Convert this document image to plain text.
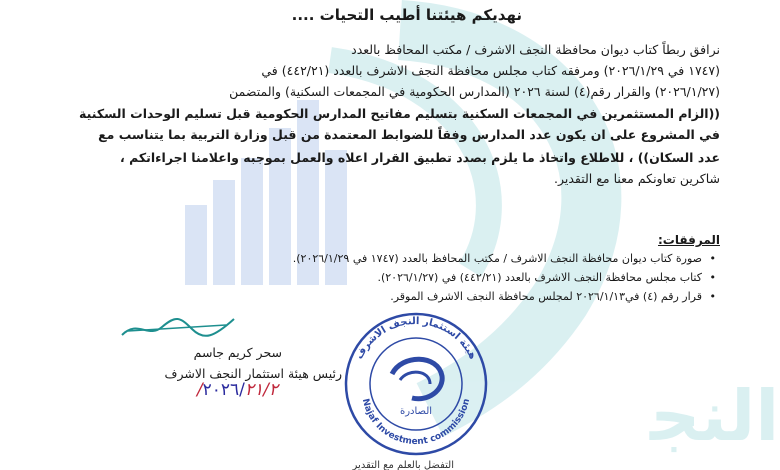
ﺍﻟﻨﺠ
نهديكم هيئتنا أطيب التحيات ....
نرافق ربطاً كتاب ديوان محافظة النجف الاشرف / مكتب المحافظ بالعدد
(١٧٤٧ في ٢٠٢٦/١/٢٩) ومرفقه كتاب مجلس محافظة النجف الاشرف بالعدد (٤٤٢/٢١) في
(٢٠٢٦/١/٢٧) والقرار رقم(٤) لسنة ٢٠٢٦ (المدارس الحكومية في المجمعات السكنية) والمتضمن
((الزام المستثمرين في المجمعات السكنية بتسليم مفاتيح المدارس الحكومية قبل تسليم الوحدات السكنية
في المشروع على ان يكون عدد المدارس وفقاً للضوابط المعتمدة من قبل وزارة التربية بما يتناسب مع
عدد السكان)) ، للاطلاع واتخاذ ما يلزم بصدد تطبيق القرار اعلاه والعمل بموجبه واعلامنا اجراءاتكم ،
شاكرين تعاونكم معنا مع التقدير.
المرفقات:
• صورة كتاب ديوان محافظة النجف الاشرف / مكتب المحافظ بالعدد (١٧٤٧ في ٢٠٢٦/١/٢٩).
• كتاب مجلس محافظة النجف الاشرف بالعدد (٤٤٢/٢١) في (٢٠٢٦/١/٢٧).
• قرار رقم (٤) في٢٠٢٦/١/١٣ لمجلس محافظة النجف الاشرف الموقر.
سحر كريم جاسم
رئيس هيئة استثمار النجف الاشرف
٢٠٢٦/٢١/٢/
هيئة استثمار النجف الاشرف
Najaf Investment commission
الصادرة
التفضل بالعلم مع التقدير
